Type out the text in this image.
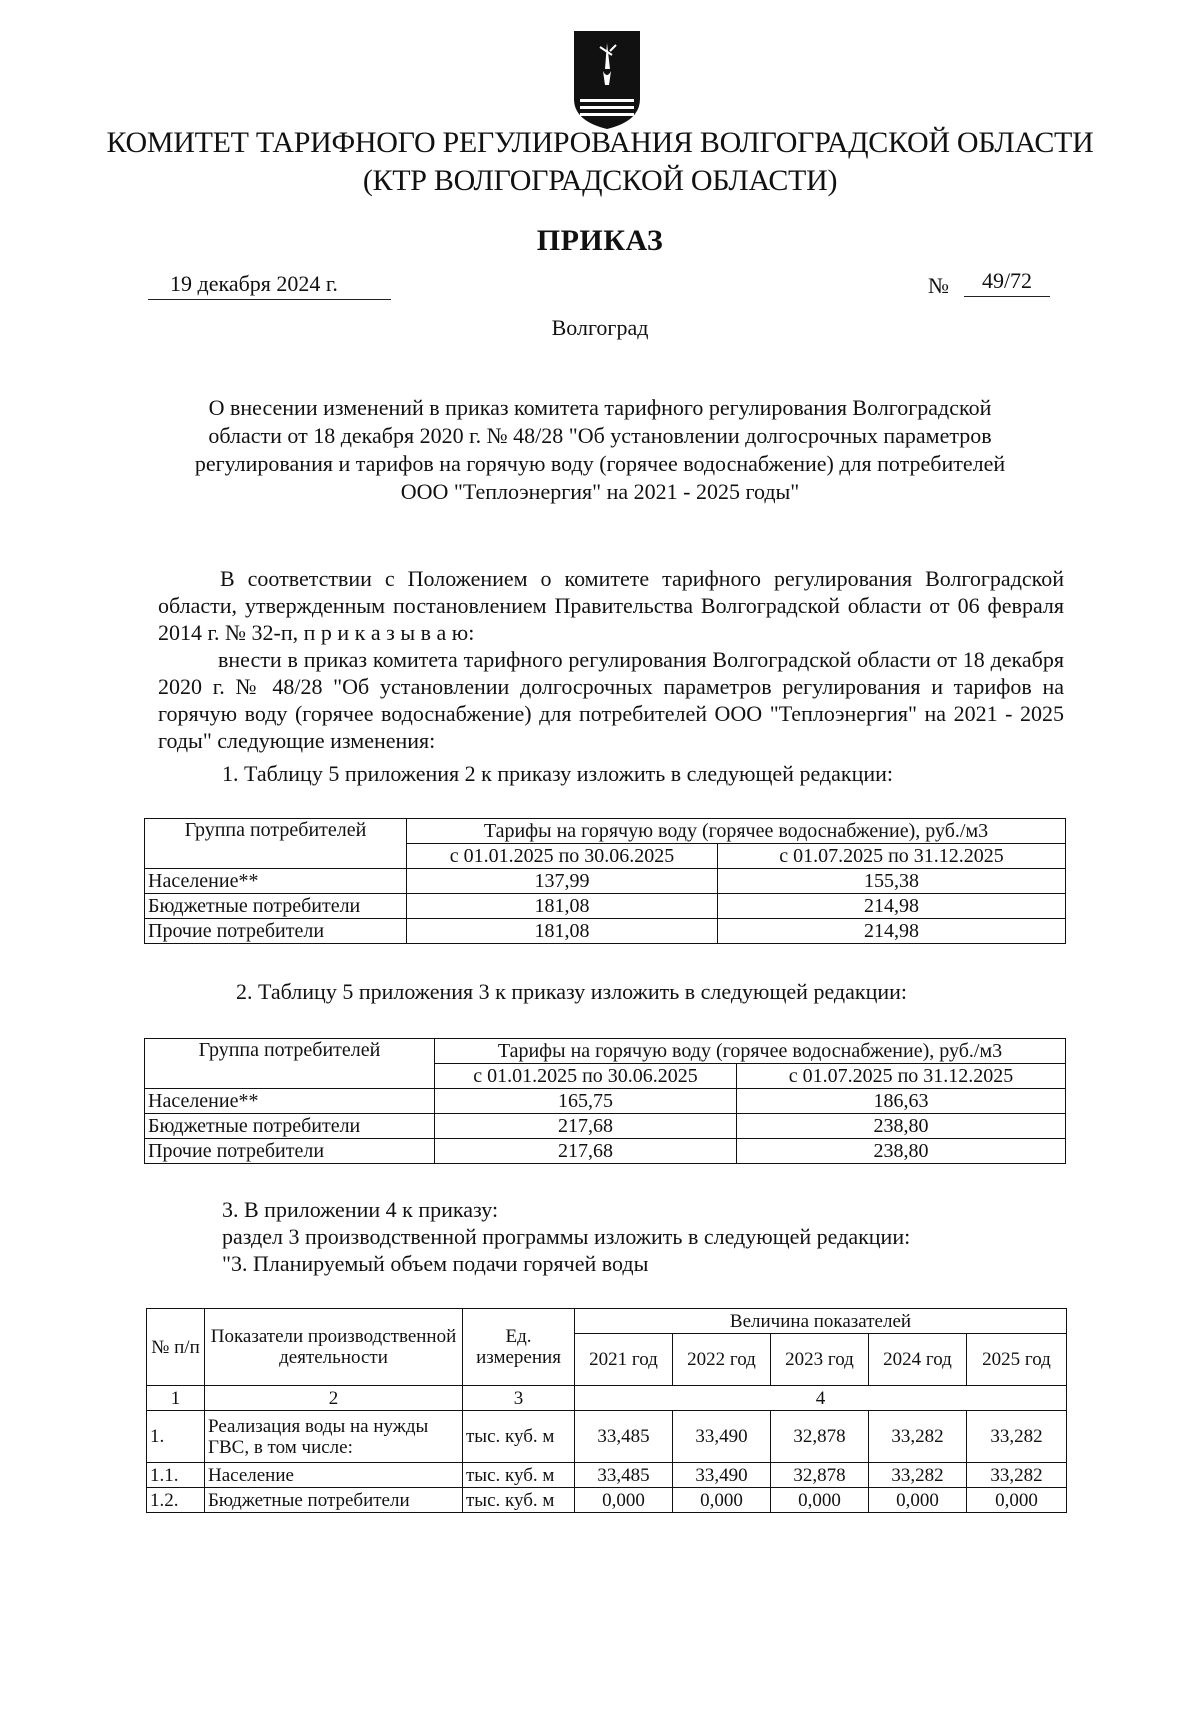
КОМИТЕТ ТАРИФНОГО РЕГУЛИРОВАНИЯ ВОЛГОГРАДСКОЙ ОБЛАСТИ
(КТР ВОЛГОГРАДСКОЙ ОБЛАСТИ)
ПРИКАЗ
19 декабря 2024 г.	№	49/72
Волгоград
О внесении изменений в приказ комитета тарифного регулирования Волгоградской
области от 18 декабря 2020 г. № 48/28 "Об установлении долгосрочных параметров
регулирования и тарифов на горячую воду (горячее водоснабжение) для потребителей
ООО "Теплоэнергия" на 2021 - 2025 годы"
В соответствии с Положением о комитете тарифного регулирования Волгоградской области, утвержденным постановлением Правительства Волгоградской области от 06 февраля 2014 г. № 32-п, п р и к а з ы в а ю:
внести в приказ комитета тарифного регулирования Волгоградской области от 18 декабря 2020 г. № 48/28 "Об установлении долгосрочных параметров регулирования и тарифов на горячую воду (горячее водоснабжение) для потребителей ООО "Теплоэнергия" на 2021 - 2025 годы" следующие изменения:
1. Таблицу 5 приложения 2 к приказу изложить в следующей редакции:
Группа потребителей	Тарифы на горячую воду (горячее водоснабжение), руб./м3	
	с 01.01.2025 по 30.06.2025	с 01.07.2025 по 31.12.2025
Население**	137,99	155,38
Бюджетные потребители	181,08	214,98
Прочие потребители	181,08	214,98
2. Таблицу 5 приложения 3 к приказу изложить в следующей редакции:
Группа потребителей	Тарифы на горячую воду (горячее водоснабжение), руб./м3	
	с 01.01.2025 по 30.06.2025	с 01.07.2025 по 31.12.2025
Население**	165,75	186,63
Бюджетные потребители	217,68	238,80
Прочие потребители	217,68	238,80
3. В приложении 4 к приказу:
раздел 3 производственной программы изложить в следующей редакции:
"3. Планируемый объем подачи горячей воды
№ п/п	Показатели производственной деятельности	Ед. измерения	Величина показателей				
			2021 год	2022 год	2023 год	2024 год	2025 год
1	2	3	4				
1.	Реализация воды на нужды ГВС, в том числе:	тыс. куб. м	33,485	33,490	32,878	33,282	33,282
1.1.	Население	тыс. куб. м	33,485	33,490	32,878	33,282	33,282
1.2.	Бюджетные потребители	тыс. куб. м	0,000	0,000	0,000	0,000	0,000
